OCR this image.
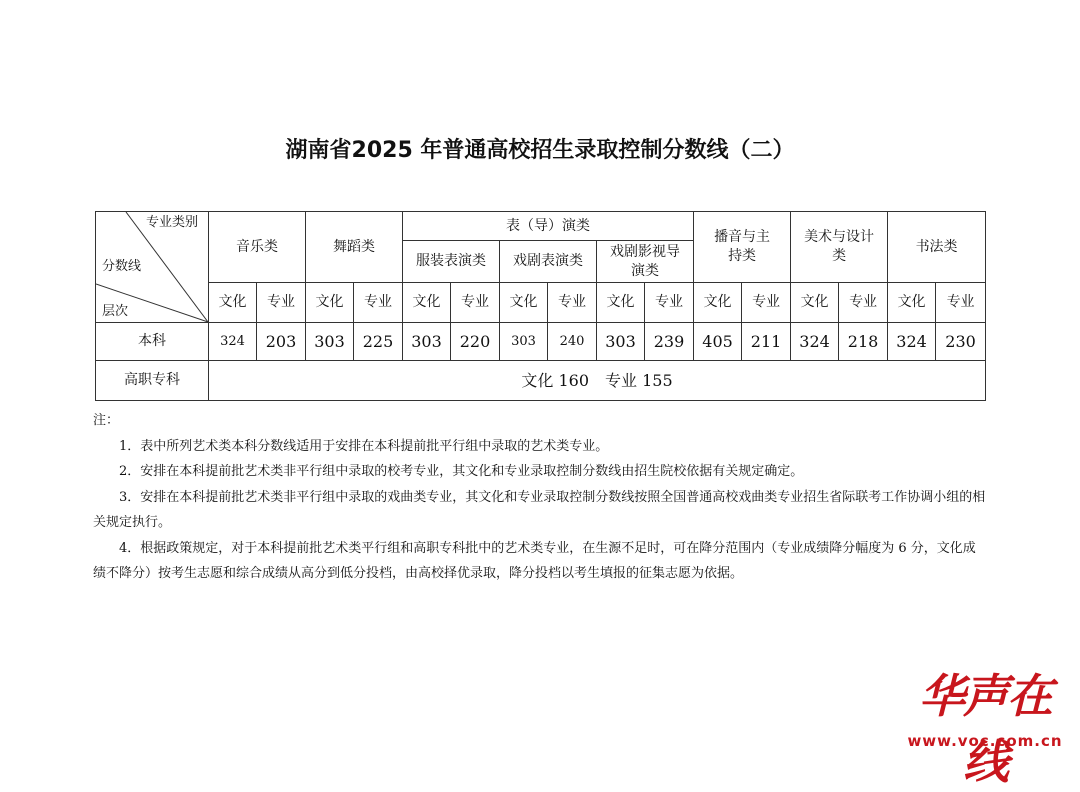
湖南省2025 年普通高校招生录取控制分数线（二）
专业类别
分数线
层次	音乐类		舞蹈类		表（导）演类						播音与主持类		美术与设计类		书法类	
					服装表演类		戏剧表演类		戏剧影视导演类							

	文化	专业	文化	专业	文化	专业	文化	专业	文化	专业	文化	专业	文化	专业	文化	专业
本科	324	203	303	225	303	220	303	240	303	239	405	211	324	218	324	230
高职专科	文化 160　专业 155															

注：

1．表中所列艺术类本科分数线适用于安排在本科提前批平行组中录取的艺术类专业。

2．安排在本科提前批艺术类非平行组中录取的校考专业，其文化和专业录取控制分数线由招生院校依据有关规定确定。

3．安排在本科提前批艺术类非平行组中录取的戏曲类专业，其文化和专业录取控制分数线按照全国普通高校戏曲类专业招生省际联考工作协调小组的相关规定执行。

4．根据政策规定，对于本科提前批艺术类平行组和高职专科批中的艺术类专业，在生源不足时，可在降分范围内（专业成绩降分幅度为 6 分，文化成绩不降分）按考生志愿和综合成绩从高分到低分投档，由高校择优录取，降分投档以考生填报的征集志愿为依据。

华声在线
www.voc.com.cn
